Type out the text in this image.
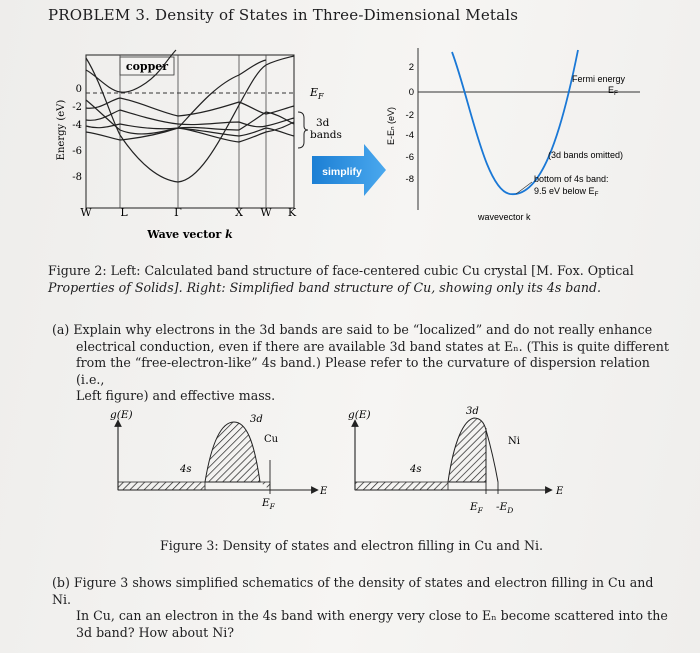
PROBLEM 3. Density of States in Three-Dimensional Metals
copper
Energy (eV)
0
-2
-4
-6
-8
W	L	Γ	X W K
Wave vector k
$E_F$
3d
bands
simplify
E-Eₙ (eV)
2
0
-2
-4
-6
-8
Fermi energy
$E_F$
(3d bands omitted)
bottom of 4s band:
9.5 eV below $E_F$
wavevector k
Figure 2: Left: Calculated band structure of face-centered cubic Cu crystal [M. Fox. Optical
Properties of Solids]. Right: Simplified band structure of Cu, showing only its 4s band.
(a) Explain why electrons in the 3d bands are said to be “localized” and do not really enhance
electrical conduction, even if there are available 3d band states at Eₙ. (This is quite different
from the “free-electron-like” 4s band.) Please refer to the curvature of dispersion relation (i.e.,
Left figure) and effective mass.
g(E)	3d
Cu
4s
E
$E_F$
g(E)	3d
Ni
4s
E
$E_F$ $-E_D$
Figure 3: Density of states and electron filling in Cu and Ni.
(b) Figure 3 shows simplified schematics of the density of states and electron filling in Cu and Ni.
In Cu, can an electron in the 4s band with energy very close to Eₙ become scattered into the
3d band? How about Ni?
